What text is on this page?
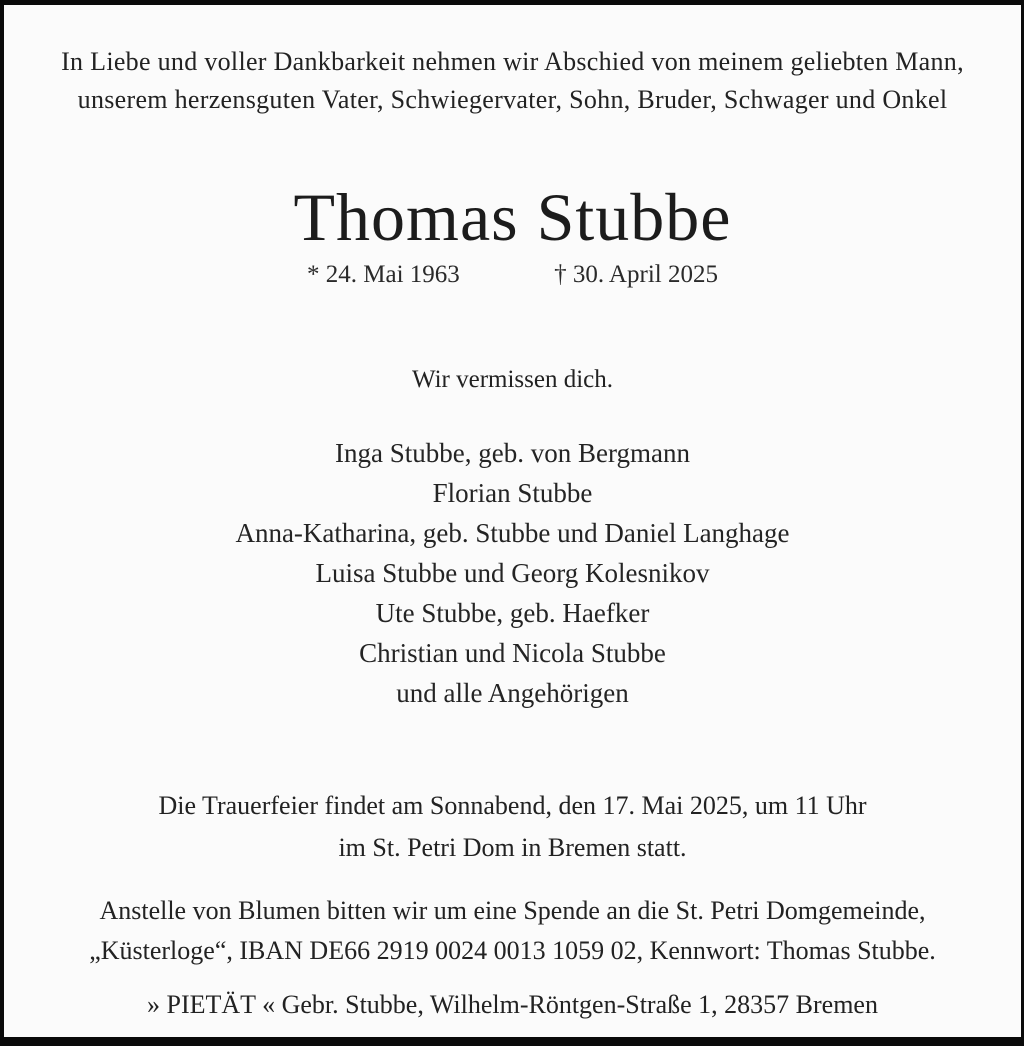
In Liebe und voller Dankbarkeit nehmen wir Abschied von meinem geliebten Mann,
unserem herzensguten Vater, Schwiegervater, Sohn, Bruder, Schwager und Onkel
Thomas Stubbe
* 24. Mai 1963	† 30. April 2025
Wir vermissen dich.
Inga Stubbe, geb. von Bergmann
Florian Stubbe
Anna-Katharina, geb. Stubbe und Daniel Langhage
Luisa Stubbe und Georg Kolesnikov
Ute Stubbe, geb. Haefker
Christian und Nicola Stubbe
und alle Angehörigen
Die Trauerfeier findet am Sonnabend, den 17. Mai 2025, um 11 Uhr
im St. Petri Dom in Bremen statt.
Anstelle von Blumen bitten wir um eine Spende an die St. Petri Domgemeinde,
„Küsterloge“, IBAN DE66 2919 0024 0013 1059 02, Kennwort: Thomas Stubbe.
» PIETÄT « Gebr. Stubbe, Wilhelm-Röntgen-Straße 1, 28357 Bremen
